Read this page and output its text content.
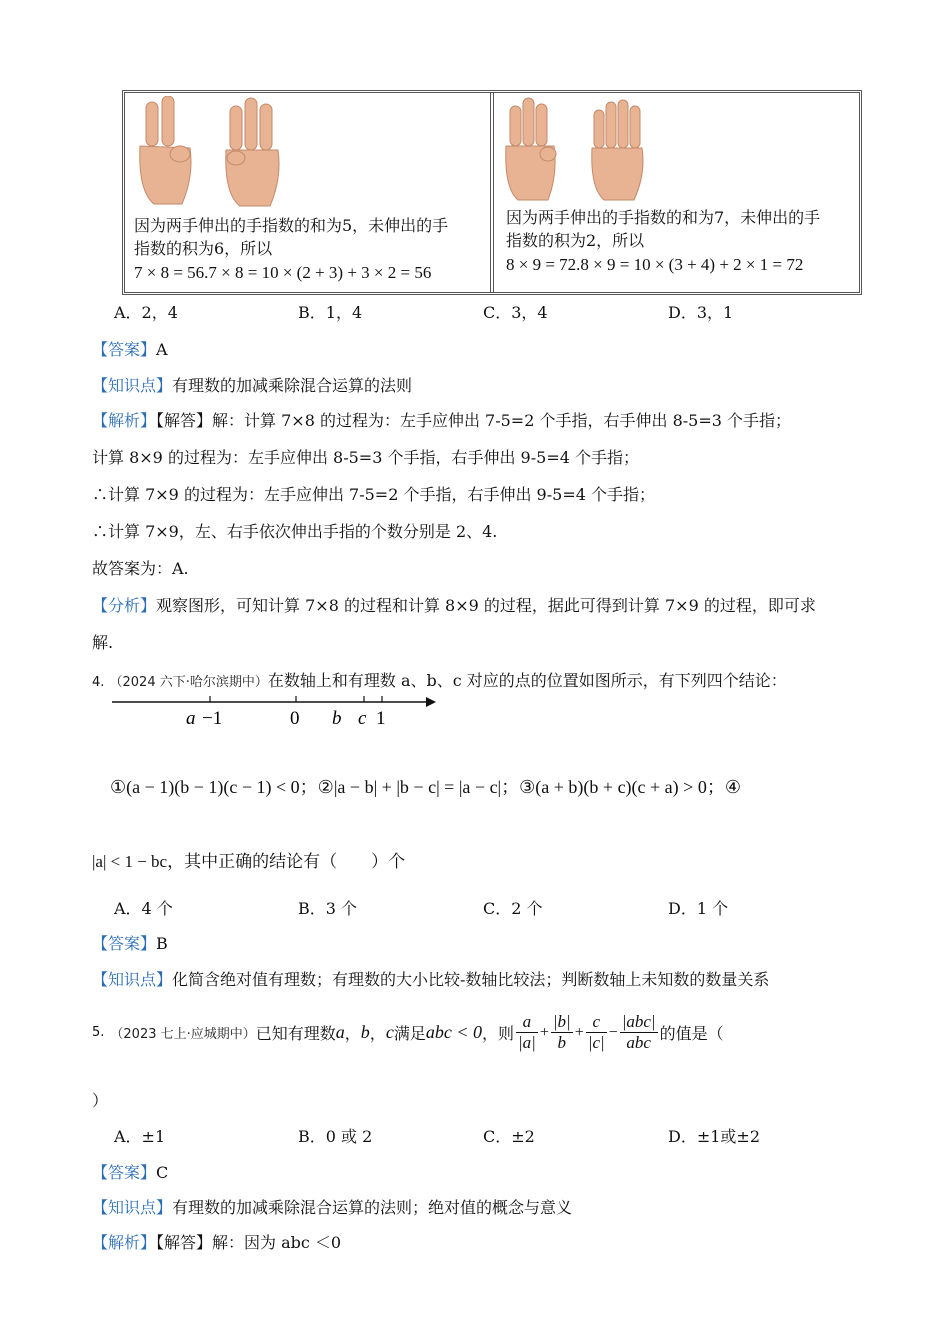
因为两手伸出的手指数的和为5，未伸出的手
指数的积为6，所以
7 × 8 = 56.7 × 8 = 10 × (2 + 3) + 3 × 2 = 56
因为两手伸出的手指数的和为7，未伸出的手
指数的积为2，所以
8 × 9 = 72.8 × 9 = 10 × (3 + 4) + 2 × 1 = 72
A．2，4	B．1，4	C．3，4	D．3，1
【答案】A
【知识点】有理数的加减乘除混合运算的法则
【解析】【解答】解：计算 7×8 的过程为：左手应伸出 7-5=2 个手指，右手伸出 8-5=3 个手指；
计算 8×9 的过程为：左手应伸出 8-5=3 个手指，右手伸出 9-5=4 个手指；
∴计算 7×9 的过程为：左手应伸出 7-5=2 个手指，右手伸出 9-5=4 个手指；
∴计算 7×9，左、右手依次伸出手指的个数分别是 2、4.
故答案为：A.
【分析】观察图形，可知计算 7×8 的过程和计算 8×9 的过程，据此可得到计算 7×9 的过程，即可求
解.
4. （2024 六下·哈尔滨期中）在数轴上和有理数 a、b、c 对应的点的位置如图所示，有下列四个结论：
a −1	0 b c 1
①(a − 1)(b − 1)(c − 1) < 0；②|a − b| + |b − c| = |a − c|；③(a + b)(b + c)(c + a) > 0；④
|a| < 1 − bc，其中正确的结论有（　　）个
A．4 个	B．3 个	C．2 个	D．1 个
【答案】B
【知识点】化简含绝对值有理数；有理数的大小比较-数轴比较法；判断数轴上未知数的数量关系
5. （2023 七上·应城期中） 已知有理数 a ， b ， c 满足 abc < 0 ，则 $\frac{a}{|a|} + \frac{|b|}{b} + \frac{c}{|c|} - \frac{\text{|abc|}}{\text{abc}}$ 的值是（
）
A．±1	B．0 或 2	C．±2	D．±1或±2
【答案】C
【知识点】有理数的加减乘除混合运算的法则；绝对值的概念与意义
【解析】【解答】解：因为 abc ＜0
